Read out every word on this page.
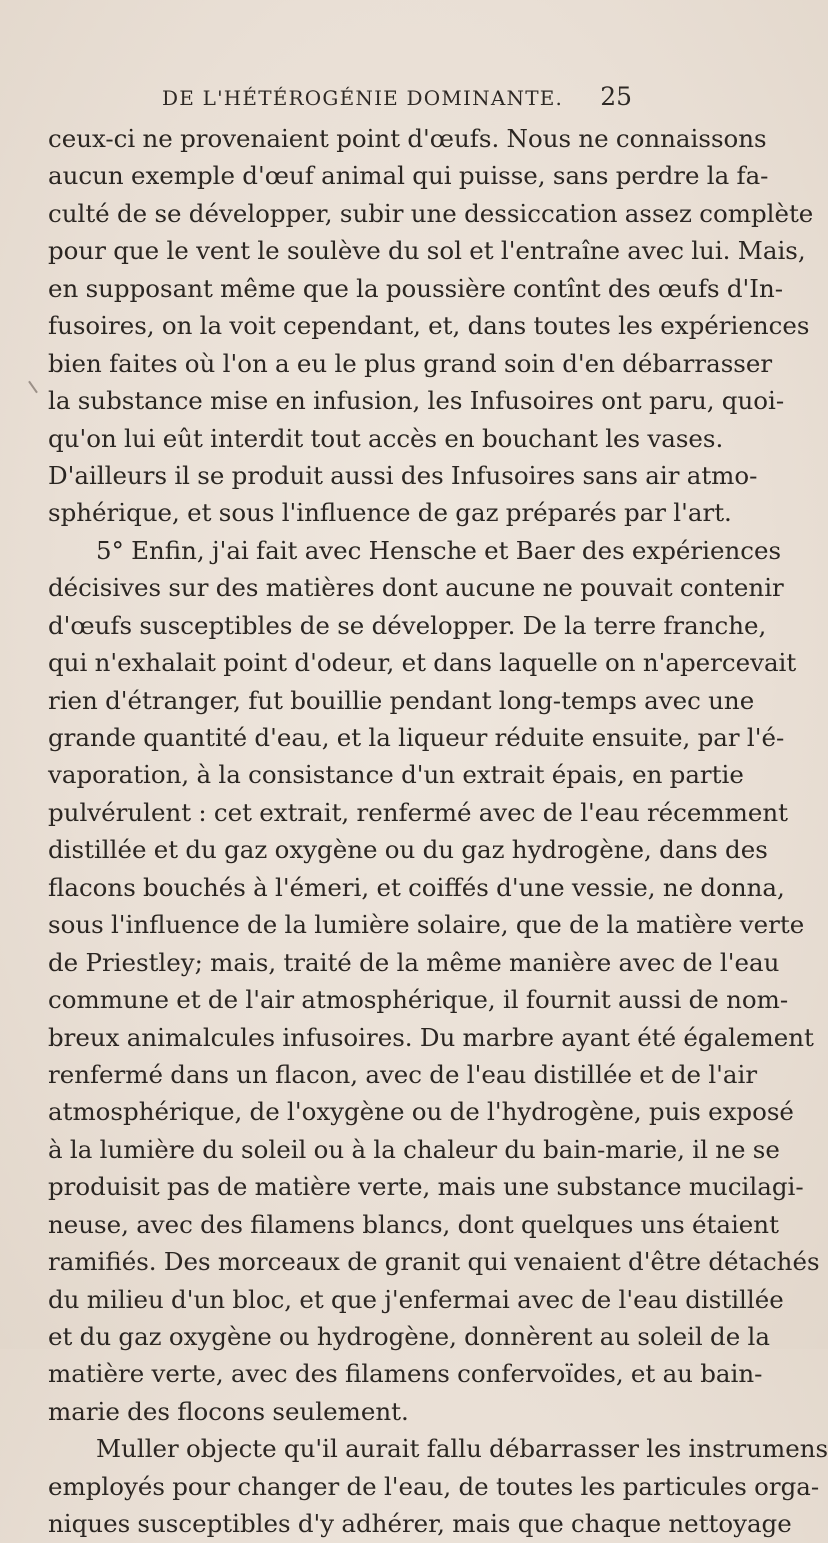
DE L'HÉTÉROGÉNIE DOMINANTE. 25
ceux-ci ne provenaient point d'œufs. Nous ne connaissons
aucun exemple d'œuf animal qui puisse, sans perdre la fa-
culté de se développer, subir une dessiccation assez complète
pour que le vent le soulève du sol et l'entraîne avec lui. Mais,
en supposant même que la poussière contînt des œufs d'In-
fusoires, on la voit cependant, et, dans toutes les expériences
bien faites où l'on a eu le plus grand soin d'en débarrasser
la substance mise en infusion, les Infusoires ont paru, quoi-
qu'on lui eût interdit tout accès en bouchant les vases.
D'ailleurs il se produit aussi des Infusoires sans air atmo-
sphérique, et sous l'influence de gaz préparés par l'art.
5° Enfin, j'ai fait avec Hensche et Baer des expériences
décisives sur des matières dont aucune ne pouvait contenir
d'œufs susceptibles de se développer. De la terre franche,
qui n'exhalait point d'odeur, et dans laquelle on n'apercevait
rien d'étranger, fut bouillie pendant long-temps avec une
grande quantité d'eau, et la liqueur réduite ensuite, par l'é-
vaporation, à la consistance d'un extrait épais, en partie
pulvérulent : cet extrait, renfermé avec de l'eau récemment
distillée et du gaz oxygène ou du gaz hydrogène, dans des
flacons bouchés à l'émeri, et coiffés d'une vessie, ne donna,
sous l'influence de la lumière solaire, que de la matière verte
de Priestley; mais, traité de la même manière avec de l'eau
commune et de l'air atmosphérique, il fournit aussi de nom-
breux animalcules infusoires. Du marbre ayant été également
renfermé dans un flacon, avec de l'eau distillée et de l'air
atmosphérique, de l'oxygène ou de l'hydrogène, puis exposé
à la lumière du soleil ou à la chaleur du bain-marie, il ne se
produisit pas de matière verte, mais une substance mucilagi-
neuse, avec des filamens blancs, dont quelques uns étaient
ramifiés. Des morceaux de granit qui venaient d'être détachés
du milieu d'un bloc, et que j'enfermai avec de l'eau distillée
et du gaz oxygène ou hydrogène, donnèrent au soleil de la
matière verte, avec des filamens confervoïdes, et au bain-
marie des flocons seulement.
Muller objecte qu'il aurait fallu débarrasser les instrumens
employés pour changer de l'eau, de toutes les particules orga-
niques susceptibles d'y adhérer, mais que chaque nettoyage
